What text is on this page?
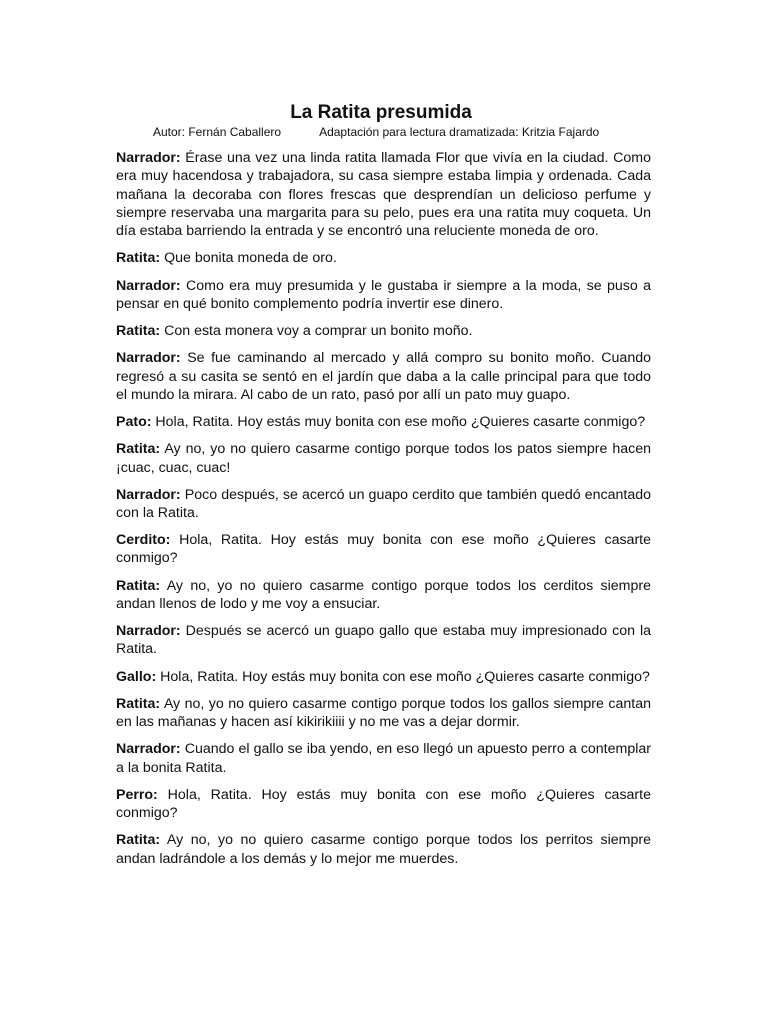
La Ratita presumida
Autor: Fernán Caballero	Adaptación para lectura dramatizada: Kritzia Fajardo

Narrador: Érase una vez una linda ratita llamada Flor que vivía en la ciudad. Como era muy hacendosa y trabajadora, su casa siempre estaba limpia y ordenada. Cada mañana la decoraba con flores frescas que desprendían un delicioso perfume y siempre reservaba una margarita para su pelo, pues era una ratita muy coqueta. Un día estaba barriendo la entrada y se encontró una reluciente moneda de oro.

Ratita: Que bonita moneda de oro.

Narrador: Como era muy presumida y le gustaba ir siempre a la moda, se puso a pensar en qué bonito complemento podría invertir ese dinero.

Ratita: Con esta monera voy a comprar un bonito moño.

Narrador: Se fue caminando al mercado y allá compro su bonito moño. Cuando regresó a su casita se sentó en el jardín que daba a la calle principal para que todo el mundo la mirara. Al cabo de un rato, pasó por allí un pato muy guapo.

Pato: Hola, Ratita. Hoy estás muy bonita con ese moño ¿Quieres casarte conmigo?

Ratita: Ay no, yo no quiero casarme contigo porque todos los patos siempre hacen ¡cuac, cuac, cuac!

Narrador: Poco después, se acercó un guapo cerdito que también quedó encantado con la Ratita.

Cerdito: Hola, Ratita. Hoy estás muy bonita con ese moño ¿Quieres casarte conmigo?

Ratita: Ay no, yo no quiero casarme contigo porque todos los cerditos siempre andan llenos de lodo y me voy a ensuciar.

Narrador: Después se acercó un guapo gallo que estaba muy impresionado con la Ratita.

Gallo: Hola, Ratita. Hoy estás muy bonita con ese moño ¿Quieres casarte conmigo?

Ratita: Ay no, yo no quiero casarme contigo porque todos los gallos siempre cantan en las mañanas y hacen así kikirikiiii y no me vas a dejar dormir.

Narrador: Cuando el gallo se iba yendo, en eso llegó un apuesto perro a contemplar a la bonita Ratita.

Perro: Hola, Ratita. Hoy estás muy bonita con ese moño ¿Quieres casarte conmigo?

Ratita: Ay no, yo no quiero casarme contigo porque todos los perritos siempre andan ladrándole a los demás y lo mejor me muerdes.
